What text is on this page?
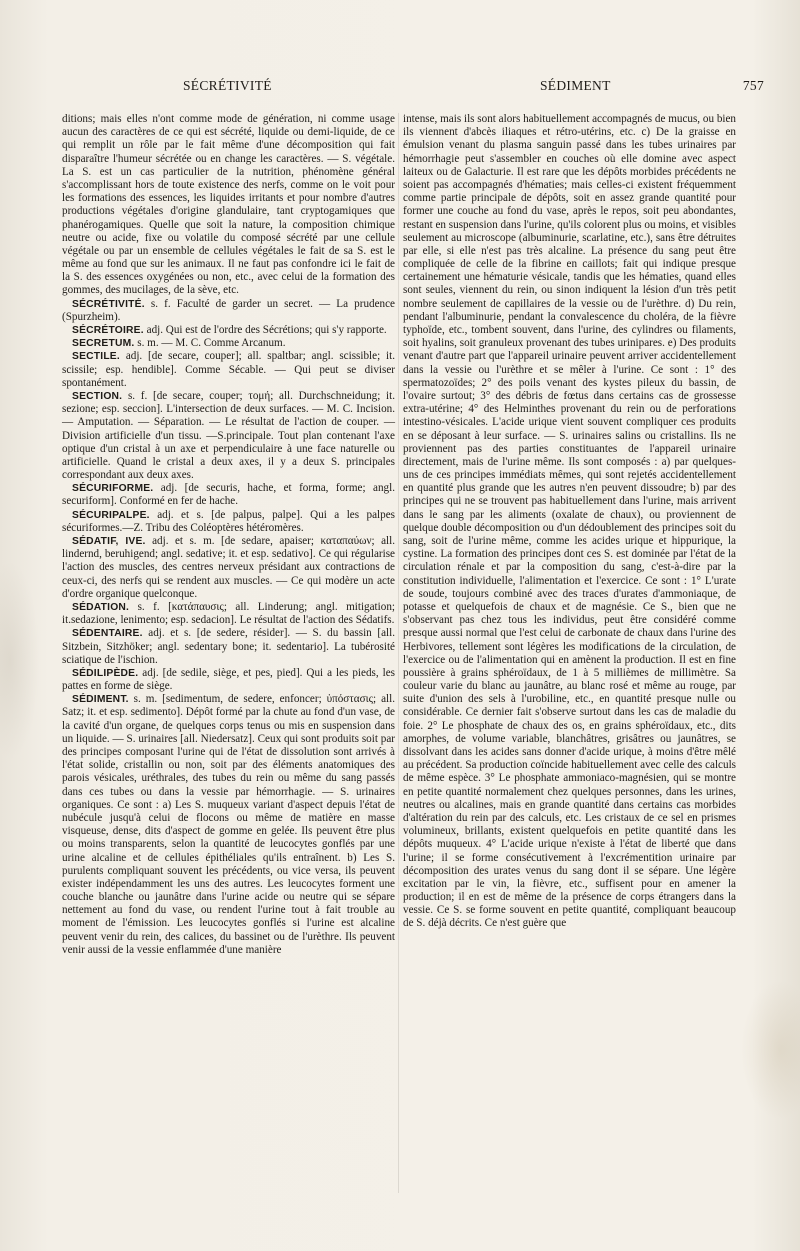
SÉCRÉTIVITÉ	SÉDIMENT	757

ditions; mais elles n'ont comme mode de génération, ni comme usage aucun des caractères de ce qui est sécrété, liquide ou demi-liquide, de ce qui remplit un rôle par le fait même d'une décomposition qui fait disparaître l'humeur sécrétée ou en change les caractères. — S. végétale. La S. est un cas particulier de la nutrition, phénomène général s'accomplissant hors de toute existence des nerfs, comme on le voit pour les formations des essences, les liquides irritants et pour nombre d'autres productions végétales d'origine glandulaire, tant cryptogamiques que phanérogamiques. Quelle que soit la nature, la composition chimique neutre ou acide, fixe ou volatile du composé sécrété par une cellule végétale ou par un ensemble de cellules végétales le fait de sa S. est le même au fond que sur les animaux. Il ne faut pas confondre ici le fait de la S. des essences oxygénées ou non, etc., avec celui de la formation des gommes, des mucilages, de la sève, etc.

SÉCRÉTIVITÉ. s. f. Faculté de garder un secret. — La prudence (Spurzheim).

SÉCRÉTOIRE. adj. Qui est de l'ordre des Sécrétions; qui s'y rapporte.

SECRETUM. s. m. — M. C. Comme Arcanum.

SECTILE. adj. [de secare, couper]; all. spaltbar; angl. scissible; it. scissile; esp. hendible]. Comme Sécable. — Qui peut se diviser spontanément.

SECTION. s. f. [de secare, couper; τομή; all. Durchschneidung; it. sezione; esp. seccion]. L'intersection de deux surfaces. — M. C. Incision. — Amputation. — Séparation. — Le résultat de l'action de couper. — Division artificielle d'un tissu. —S.principale. Tout plan contenant l'axe optique d'un cristal à un axe et perpendiculaire à une face naturelle ou artificielle. Quand le cristal a deux axes, il y a deux S. principales correspondant aux deux axes.

SÉCURIFORME. adj. [de securis, hache, et forma, forme; angl. securiform]. Conformé en fer de hache.

SÉCURIPALPE. adj. et s. [de palpus, palpe]. Qui a les palpes sécuriformes.—Z. Tribu des Coléoptères hétéromères.

SÉDATIF, IVE. adj. et s. m. [de sedare, apaiser; καταπαύων; all. lindernd, beruhigend; angl. sedative; it. et esp. sedativo]. Ce qui régularise l'action des muscles, des centres nerveux présidant aux contractions de ceux-ci, des nerfs qui se rendent aux muscles. — Ce qui modère un acte d'ordre organique quelconque.

SÉDATION. s. f. [κατάπαυσις; all. Linderung; angl. mitigation; it.sedazione, lenimento; esp. sedacion]. Le résultat de l'action des Sédatifs.

SÉDENTAIRE. adj. et s. [de sedere, résider]. — S. du bassin [all. Sitzbein, Sitzhöker; angl. sedentary bone; it. sedentario]. La tubérosité sciatique de l'ischion.

SÉDILIPÈDE. adj. [de sedile, siège, et pes, pied]. Qui a les pieds, les pattes en forme de siège.

SÉDIMENT. s. m. [sedimentum, de sedere, enfoncer; ὑπόστασις; all. Satz; it. et esp. sedimento]. Dépôt formé par la chute au fond d'un vase, de la cavité d'un organe, de quelques corps tenus ou mis en suspension dans un liquide. — S. urinaires [all. Niedersatz]. Ceux qui sont produits soit par des principes composant l'urine qui de l'état de dissolution sont arrivés à l'état solide, cristallin ou non, soit par des éléments anatomiques des parois vésicales, uréthrales, des tubes du rein ou même du sang passés dans ces tubes ou dans la vessie par hémorrhagie. — S. urinaires organiques. Ce sont : a) Les S. muqueux variant d'aspect depuis l'état de nubécule jusqu'à celui de flocons ou même de matière en masse visqueuse, dense, dits d'aspect de gomme en gelée. Ils peuvent être plus ou moins transparents, selon la quantité de leucocytes gonflés par une urine alcaline et de cellules épithéliales qu'ils entraînent. b) Les S. purulents compliquant souvent les précédents, ou vice versa, ils peuvent exister indépendamment les uns des autres. Les leucocytes forment une couche blanche ou jaunâtre dans l'urine acide ou neutre qui se sépare nettement au fond du vase, ou rendent l'urine tout à fait trouble au moment de l'émission. Les leucocytes gonflés si l'urine est alcaline peuvent venir du rein, des calices, du bassinet ou de l'urèthre. Ils peuvent venir aussi de la vessie enflammée d'une manière

intense, mais ils sont alors habituellement accompagnés de mucus, ou bien ils viennent d'abcès iliaques et rétro-utérins, etc. c) De la graisse en émulsion venant du plasma sanguin passé dans les tubes urinaires par hémorrhagie peut s'assembler en couches où elle domine avec aspect laiteux ou de Galacturie. Il est rare que les dépôts morbides précédents ne soient pas accompagnés d'hématies; mais celles-ci existent fréquemment comme partie principale de dépôts, soit en assez grande quantité pour former une couche au fond du vase, après le repos, soit peu abondantes, restant en suspension dans l'urine, qu'ils colorent plus ou moins, et visibles seulement au microscope (albuminurie, scarlatine, etc.), sans être détruites par elle, si elle n'est pas très alcaline. La présence du sang peut être compliquée de celle de la fibrine en caillots; fait qui indique presque certainement une hématurie vésicale, tandis que les hématies, quand elles sont seules, viennent du rein, ou sinon indiquent la lésion d'un très petit nombre seulement de capillaires de la vessie ou de l'urèthre. d) Du rein, pendant l'albuminurie, pendant la convalescence du choléra, de la fièvre typhoïde, etc., tombent souvent, dans l'urine, des cylindres ou filaments, soit hyalins, soit granuleux provenant des tubes urinipares. e) Des produits venant d'autre part que l'appareil urinaire peuvent arriver accidentellement dans la vessie ou l'urèthre et se mêler à l'urine. Ce sont : 1° des spermatozoïdes; 2° des poils venant des kystes pileux du bassin, de l'ovaire surtout; 3° des débris de fœtus dans certains cas de grossesse extra-utérine; 4° des Helminthes provenant du rein ou de perforations intestino-vésicales. L'acide urique vient souvent compliquer ces produits en se déposant à leur surface. — S. urinaires salins ou cristallins. Ils ne proviennent pas des parties constituantes de l'appareil urinaire directement, mais de l'urine même. Ils sont composés : a) par quelques-uns de ces principes immédiats mêmes, qui sont rejetés accidentellement en quantité plus grande que les autres n'en peuvent dissoudre; b) par des principes qui ne se trouvent pas habituellement dans l'urine, mais arrivent dans le sang par les aliments (oxalate de chaux), ou proviennent de quelque double décomposition ou d'un dédoublement des principes soit du sang, soit de l'urine même, comme les acides urique et hippurique, la cystine. La formation des principes dont ces S. est dominée par l'état de la circulation rénale et par la composition du sang, c'est-à-dire par la constitution individuelle, l'alimentation et l'exercice. Ce sont : 1° L'urate de soude, toujours combiné avec des traces d'urates d'ammoniaque, de potasse et quelquefois de chaux et de magnésie. Ce S., bien que ne s'observant pas chez tous les individus, peut être considéré comme presque aussi normal que l'est celui de carbonate de chaux dans l'urine des Herbivores, tellement sont légères les modifications de la circulation, de l'exercice ou de l'alimentation qui en amènent la production. Il est en fine poussière à grains sphéroïdaux, de 1 à 5 millièmes de millimètre. Sa couleur varie du blanc au jaunâtre, au blanc rosé et même au rouge, par suite d'union des sels à l'urobiline, etc., en quantité presque nulle ou considérable. Ce dernier fait s'observe surtout dans les cas de maladie du foie. 2° Le phosphate de chaux des os, en grains sphéroïdaux, etc., dits amorphes, de volume variable, blanchâtres, grisâtres ou jaunâtres, se dissolvant dans les acides sans donner d'acide urique, à moins d'être mêlé au précédent. Sa production coïncide habituellement avec celle des calculs de même espèce. 3° Le phosphate ammoniaco-magnésien, qui se montre en petite quantité normalement chez quelques personnes, dans les urines, neutres ou alcalines, mais en grande quantité dans certains cas morbides d'altération du rein par des calculs, etc. Les cristaux de ce sel en prismes volumineux, brillants, existent quelquefois en petite quantité dans les dépôts muqueux. 4° L'acide urique n'existe à l'état de liberté que dans l'urine; il se forme consécutivement à l'excrémentition urinaire par décomposition des urates venus du sang dont il se sépare. Une légère excitation par le vin, la fièvre, etc., suffisent pour en amener la production; il en est de même de la présence de corps étrangers dans la vessie. Ce S. se forme souvent en petite quantité, compliquant beaucoup de S. déjà décrits. Ce n'est guère que
